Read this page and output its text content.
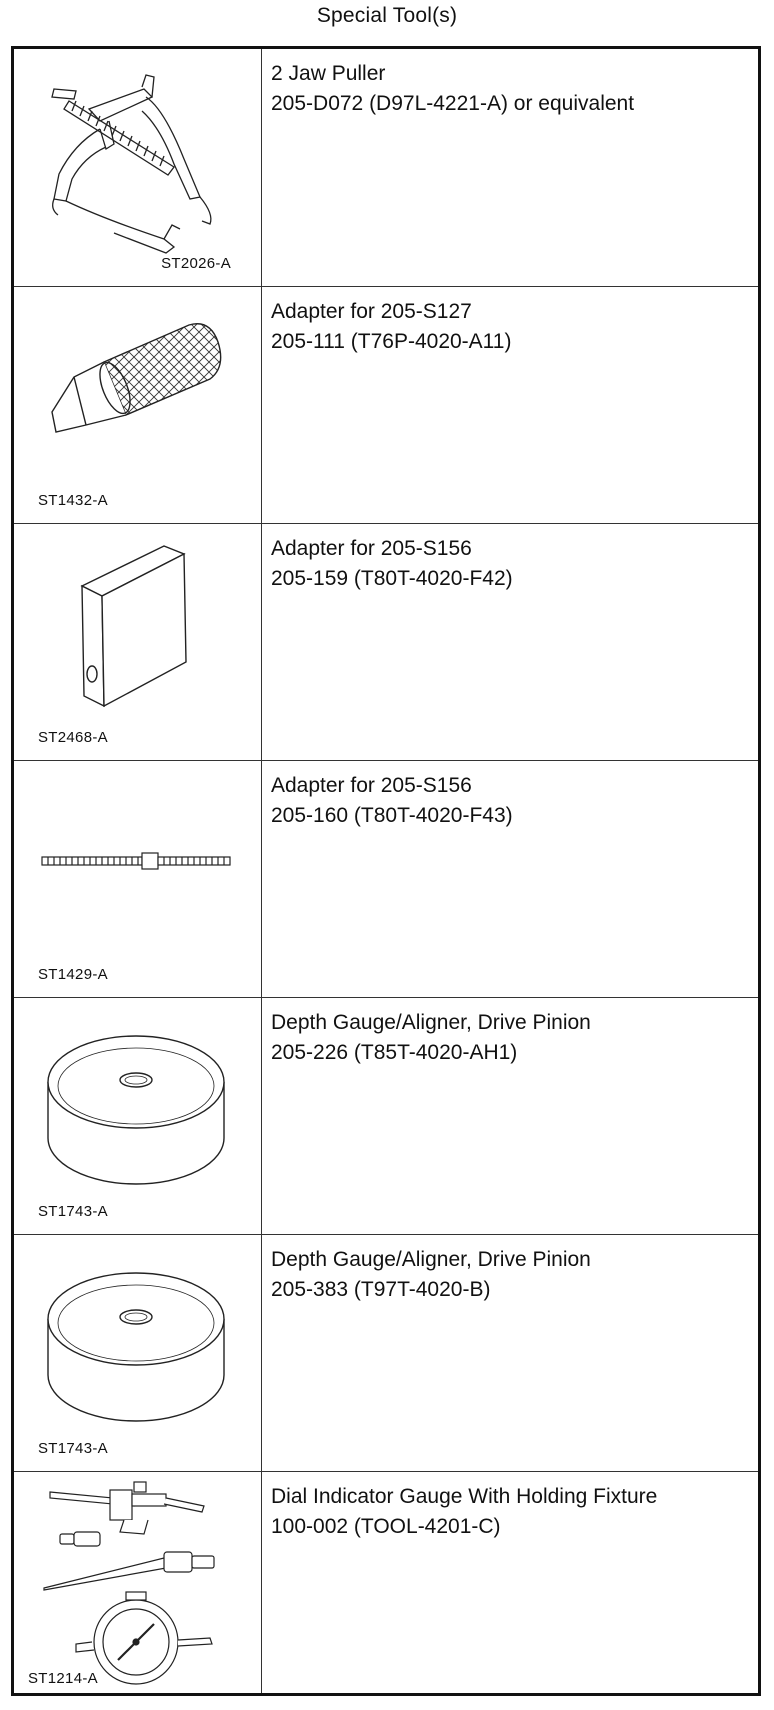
Special Tool(s)
ST2026-A
2 Jaw Puller
205-D072 (D97L-4221-A) or equivalent
ST1432-A
Adapter for 205-S127
205-111 (T76P-4020-A11)
ST2468-A
Adapter for 205-S156
205-159 (T80T-4020-F42)
ST1429-A
Adapter for 205-S156
205-160 (T80T-4020-F43)
ST1743-A
Depth Gauge/Aligner, Drive Pinion
205-226 (T85T-4020-AH1)
ST1743-A
Depth Gauge/Aligner, Drive Pinion
205-383 (T97T-4020-B)
ST1214-A
Dial Indicator Gauge With Holding Fixture
100-002 (TOOL-4201-C)
